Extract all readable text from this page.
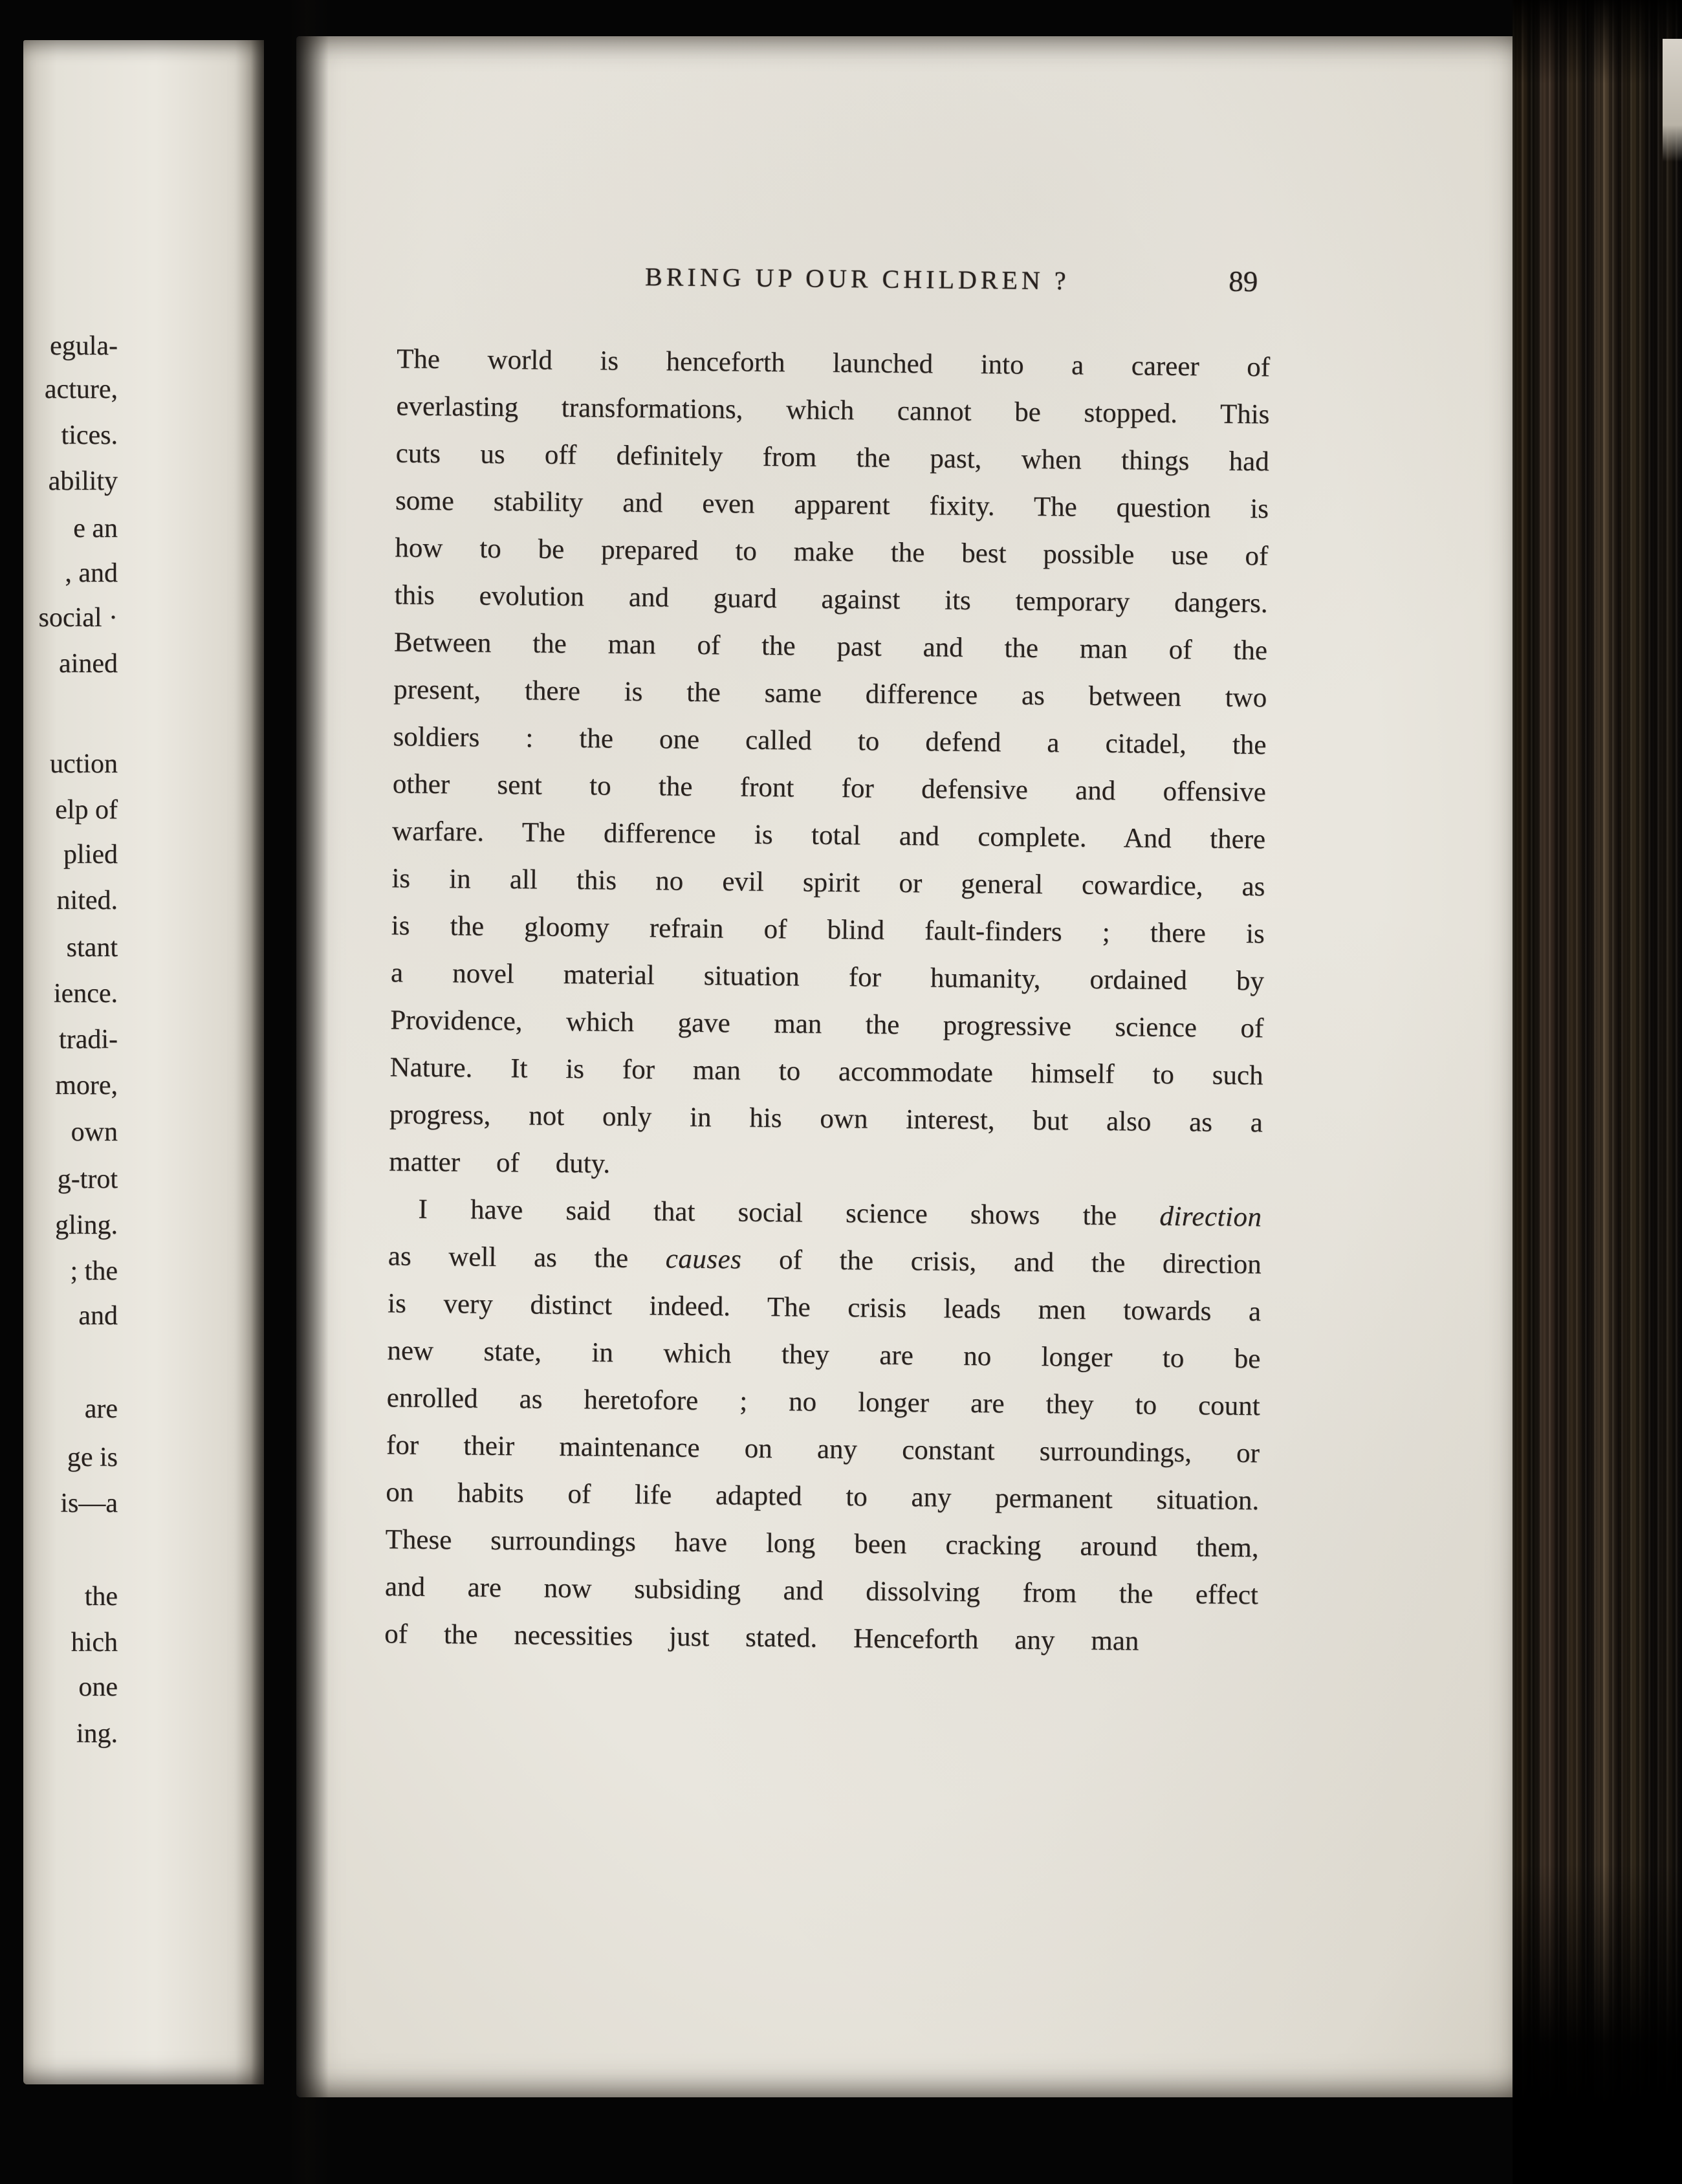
egula-
acture,
tices.
ability
e an
, and
social ·
ained
uction
elp of
plied
nited.
stant
ience.
tradi-
more,
own
g-trot
gling.
; the
and
are
ge is
is—a
the
hich
one
ing.
BRING UP OUR CHILDREN ?	89

The world is henceforth launched into a career of everlasting transformations, which cannot be stopped. This cuts us off definitely from the past, when things had some stability and even apparent fixity. The question is how to be prepared to make the best possible use of this evolution and guard against its temporary dangers. Between the man of the past and the man of the present, there is the same difference as between two soldiers : the one called to defend a citadel, the other sent to the front for defensive and offensive warfare. The difference is total and complete. And there is in all this no evil spirit or general cowardice, as is the gloomy refrain of blind fault-finders ; there is a novel material situation for humanity, ordained by Providence, which gave man the progressive science of Nature. It is for man to accommodate himself to such progress, not only in his own interest, but also as a matter of duty.

I have said that social science shows the direction as well as the causes of the crisis, and the direction is very distinct indeed. The crisis leads men towards a new state, in which they are no longer to be enrolled as heretofore ; no longer are they to count for their maintenance on any constant surroundings, or on habits of life adapted to any permanent situation. These surroundings have long been cracking around them, and are now subsiding and dissolving from the effect of the necessities just stated. Henceforth any man
